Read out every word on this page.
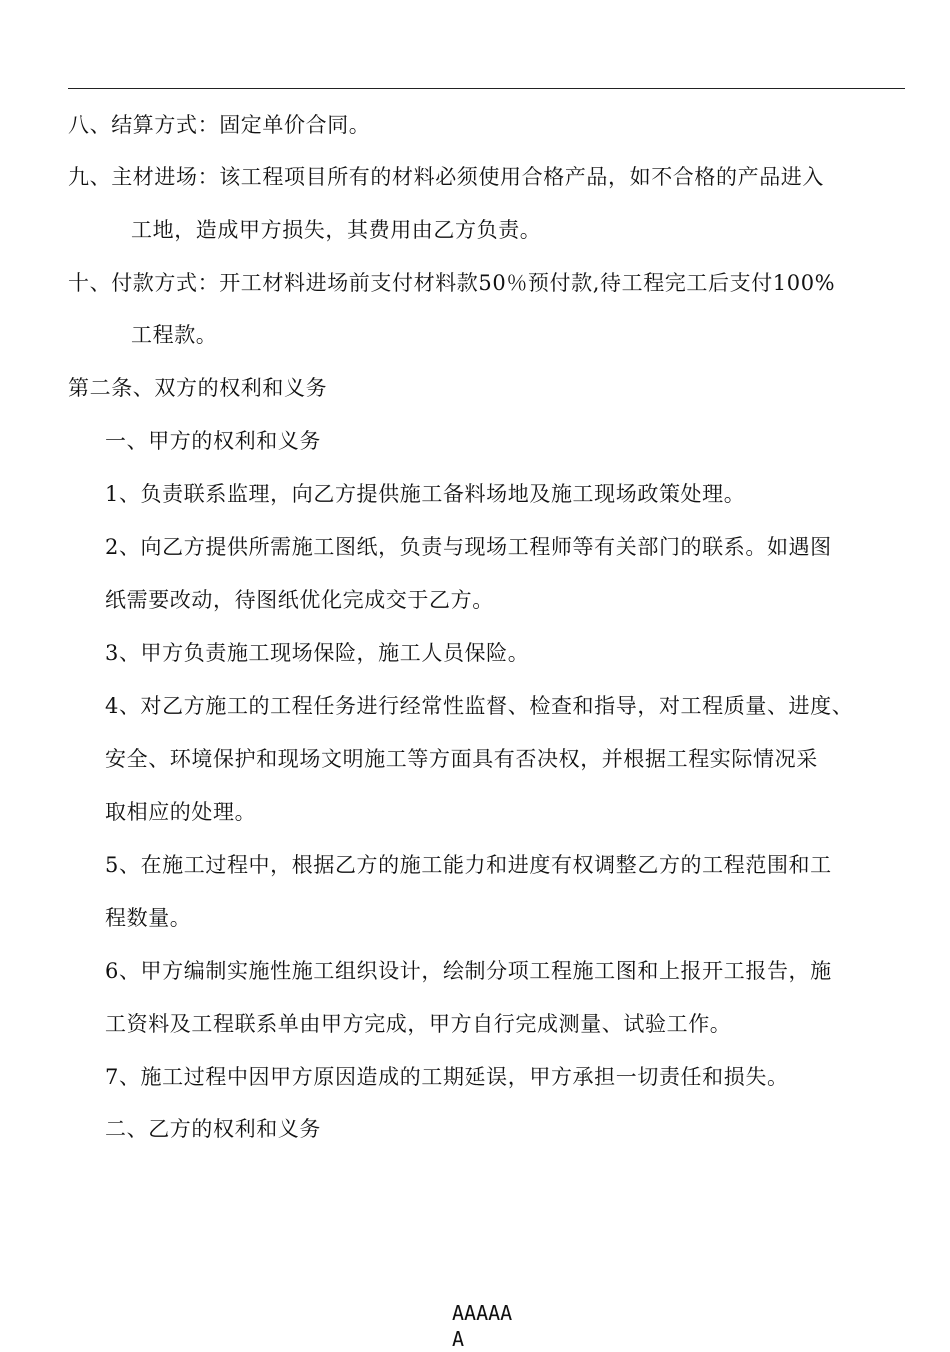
八、结算方式：固定单价合同。
九、主材进场：该工程项目所有的材料必须使用合格产品，如不合格的产品进入
工地，造成甲方损失，其费用由乙方负责。
十、付款方式：开工材料进场前支付材料款50％预付款,待工程完工后支付100%
工程款。
第二条、双方的权利和义务
一、甲方的权利和义务
1、负责联系监理，向乙方提供施工备料场地及施工现场政策处理。
2、向乙方提供所需施工图纸，负责与现场工程师等有关部门的联系。如遇图
纸需要改动，待图纸优化完成交于乙方。
3、甲方负责施工现场保险，施工人员保险。
4、对乙方施工的工程任务进行经常性监督、检查和指导，对工程质量、进度、
安全、环境保护和现场文明施工等方面具有否决权，并根据工程实际情况采
取相应的处理。
5、在施工过程中，根据乙方的施工能力和进度有权调整乙方的工程范围和工
程数量。
6、甲方编制实施性施工组织设计，绘制分项工程施工图和上报开工报告，施
工资料及工程联系单由甲方完成，甲方自行完成测量、试验工作。
7、施工过程中因甲方原因造成的工期延误，甲方承担一切责任和损失。
二、乙方的权利和义务
AAAAA
A
